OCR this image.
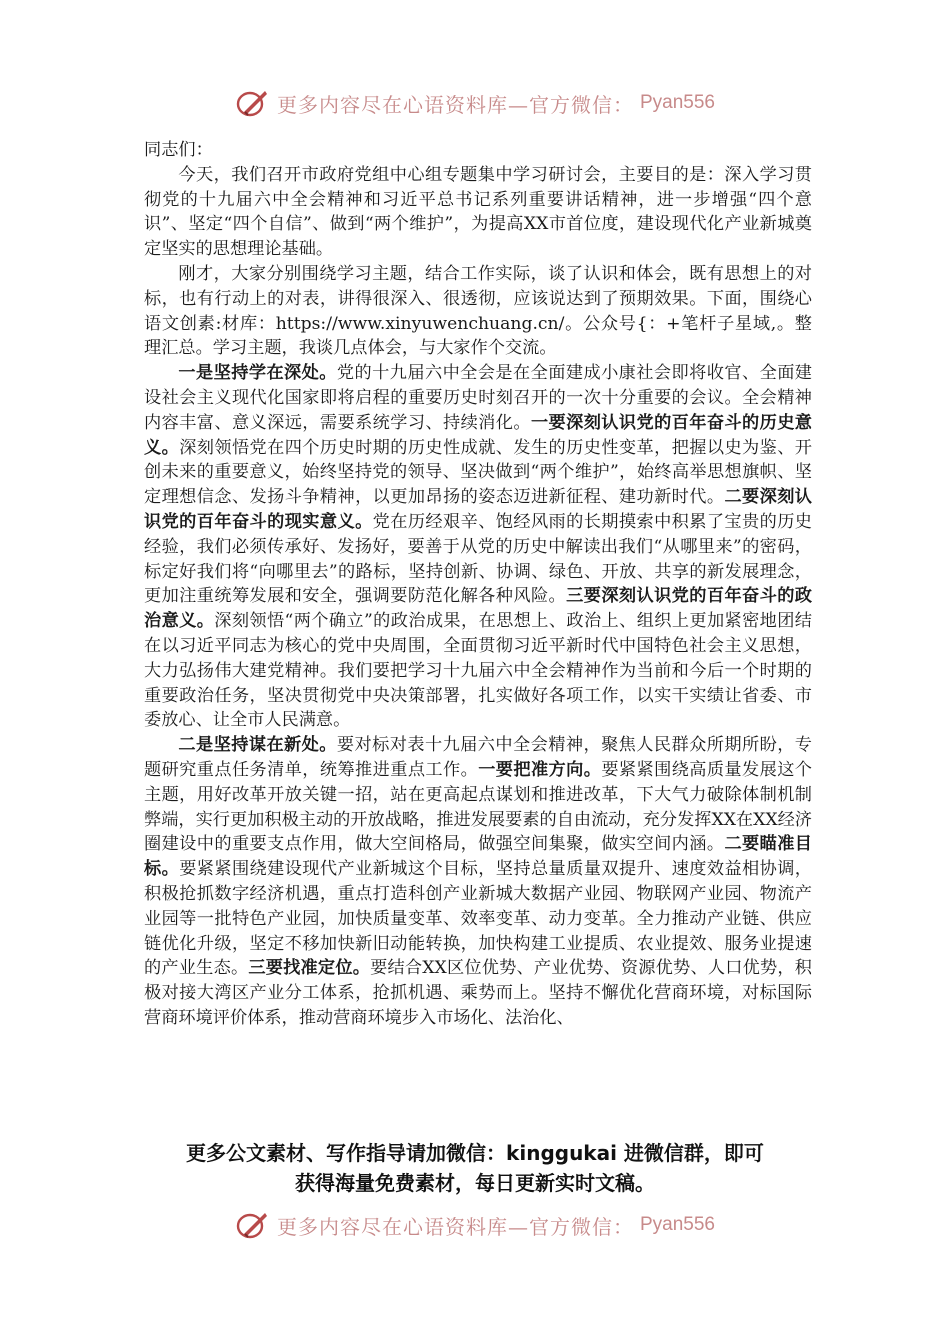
更多内容尽在心语资料库—官方微信： Pyan556

同志们：

今天，我们召开市政府党组中心组专题集中学习研讨会，主要目的是：深入学习贯彻党的十九届六中全会精神和习近平总书记系列重要讲话精神，进一步增强“四个意识”、坚定“四个自信”、做到“两个维护”，为提高XX市首位度，建设现代化产业新城奠定坚实的思想理论基础。

刚才，大家分别围绕学习主题，结合工作实际，谈了认识和体会，既有思想上的对标，也有行动上的对表，讲得很深入、很透彻，应该说达到了预期效果。下面，围绕心语文创素:材库：https://www.xinyuwenchuang.cn/。公众号{：+笔杆子星域,。整理汇总。学习主题，我谈几点体会，与大家作个交流。

一是坚持学在深处。党的十九届六中全会是在全面建成小康社会即将收官、全面建设社会主义现代化国家即将启程的重要历史时刻召开的一次十分重要的会议。全会精神内容丰富、意义深远，需要系统学习、持续消化。一要深刻认识党的百年奋斗的历史意义。深刻领悟党在四个历史时期的历史性成就、发生的历史性变革，把握以史为鉴、开创未来的重要意义，始终坚持党的领导、坚决做到“两个维护”，始终高举思想旗帜、坚定理想信念、发扬斗争精神，以更加昂扬的姿态迈进新征程、建功新时代。二要深刻认识党的百年奋斗的现实意义。党在历经艰辛、饱经风雨的长期摸索中积累了宝贵的历史经验，我们必须传承好、发扬好，要善于从党的历史中解读出我们“从哪里来”的密码，标定好我们将“向哪里去”的路标，坚持创新、协调、绿色、开放、共享的新发展理念，更加注重统筹发展和安全，强调要防范化解各种风险。三要深刻认识党的百年奋斗的政治意义。深刻领悟“两个确立”的政治成果，在思想上、政治上、组织上更加紧密地团结在以习近平同志为核心的党中央周围，全面贯彻习近平新时代中国特色社会主义思想，大力弘扬伟大建党精神。我们要把学习十九届六中全会精神作为当前和今后一个时期的重要政治任务，坚决贯彻党中央决策部署，扎实做好各项工作，以实干实绩让省委、市委放心、让全市人民满意。

二是坚持谋在新处。要对标对表十九届六中全会精神，聚焦人民群众所期所盼，专题研究重点任务清单，统筹推进重点工作。一要把准方向。要紧紧围绕高质量发展这个主题，用好改革开放关键一招，站在更高起点谋划和推进改革，下大气力破除体制机制弊端，实行更加积极主动的开放战略，推进发展要素的自由流动，充分发挥XX在XX经济圈建设中的重要支点作用，做大空间格局，做强空间集聚，做实空间内涵。二要瞄准目标。要紧紧围绕建设现代产业新城这个目标，坚持总量质量双提升、速度效益相协调，积极抢抓数字经济机遇，重点打造科创产业新城大数据产业园、物联网产业园、物流产业园等一批特色产业园，加快质量变革、效率变革、动力变革。全力推动产业链、供应链优化升级，坚定不移加快新旧动能转换，加快构建工业提质、农业提效、服务业提速的产业生态。三要找准定位。要结合XX区位优势、产业优势、资源优势、人口优势，积极对接大湾区产业分工体系，抢抓机遇、乘势而上。坚持不懈优化营商环境，对标国际营商环境评价体系，推动营商环境步入市场化、法治化、

更多公文素材、写作指导请加微信：kinggukai 进微信群，即可
获得海量免费素材，每日更新实时文稿。
更多内容尽在心语资料库—官方微信： Pyan556
